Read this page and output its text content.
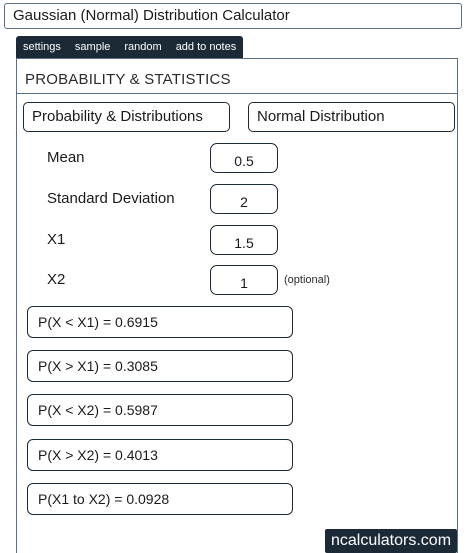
Gaussian (Normal) Distribution Calculator
settings	sample	random	add to notes
PROBABILITY & STATISTICS
Probability & Distributions	Normal Distribution
Mean	0.5
Standard Deviation	2
X1	1.5
X2	1	(optional)
P(X < X1) = 0.6915
P(X > X1) = 0.3085
P(X < X2) = 0.5987
P(X > X2) = 0.4013
P(X1 to X2) = 0.0928
ncalculators.com
